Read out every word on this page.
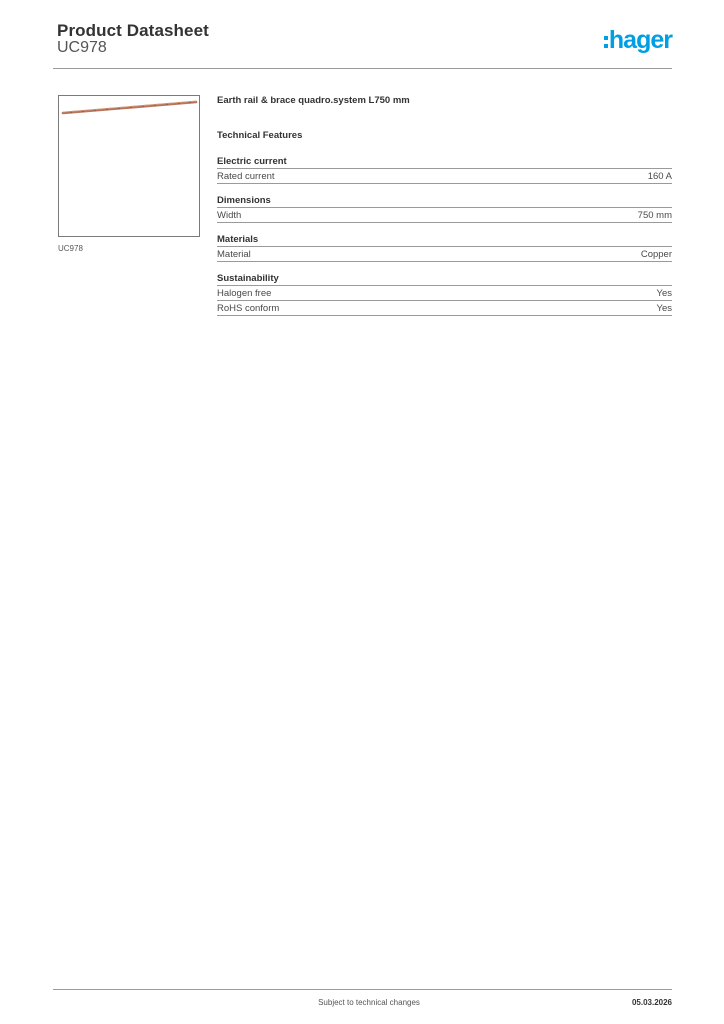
Product Datasheet
UC978	hager
UC978
Earth rail & brace quadro.system L750 mm
Technical Features
Electric current
Rated current	160 A
Dimensions
Width	750 mm
Materials
Material	Copper
Sustainability
Halogen free	Yes
RoHS conform	Yes
Subject to technical changes	05.03.2026
